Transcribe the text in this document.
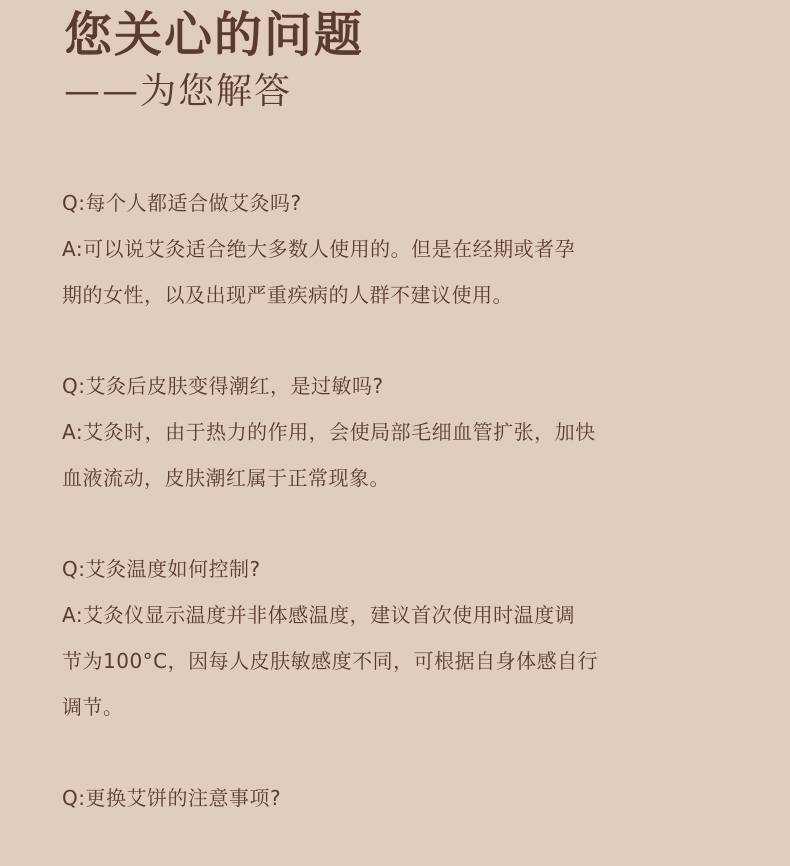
您关心的问题
——为您解答
Q:每个人都适合做艾灸吗?
A:可以说艾灸适合绝大多数人使用的。但是在经期或者孕
期的女性，以及出现严重疾病的人群不建议使用。
Q:艾灸后皮肤变得潮红，是过敏吗?
A:艾灸时，由于热力的作用，会使局部毛细血管扩张，加快
血液流动，皮肤潮红属于正常现象。
Q:艾灸温度如何控制?
A:艾灸仪显示温度并非体感温度，建议首次使用时温度调
节为100°C，因每人皮肤敏感度不同，可根据自身体感自行
调节。
Q:更换艾饼的注意事项?
